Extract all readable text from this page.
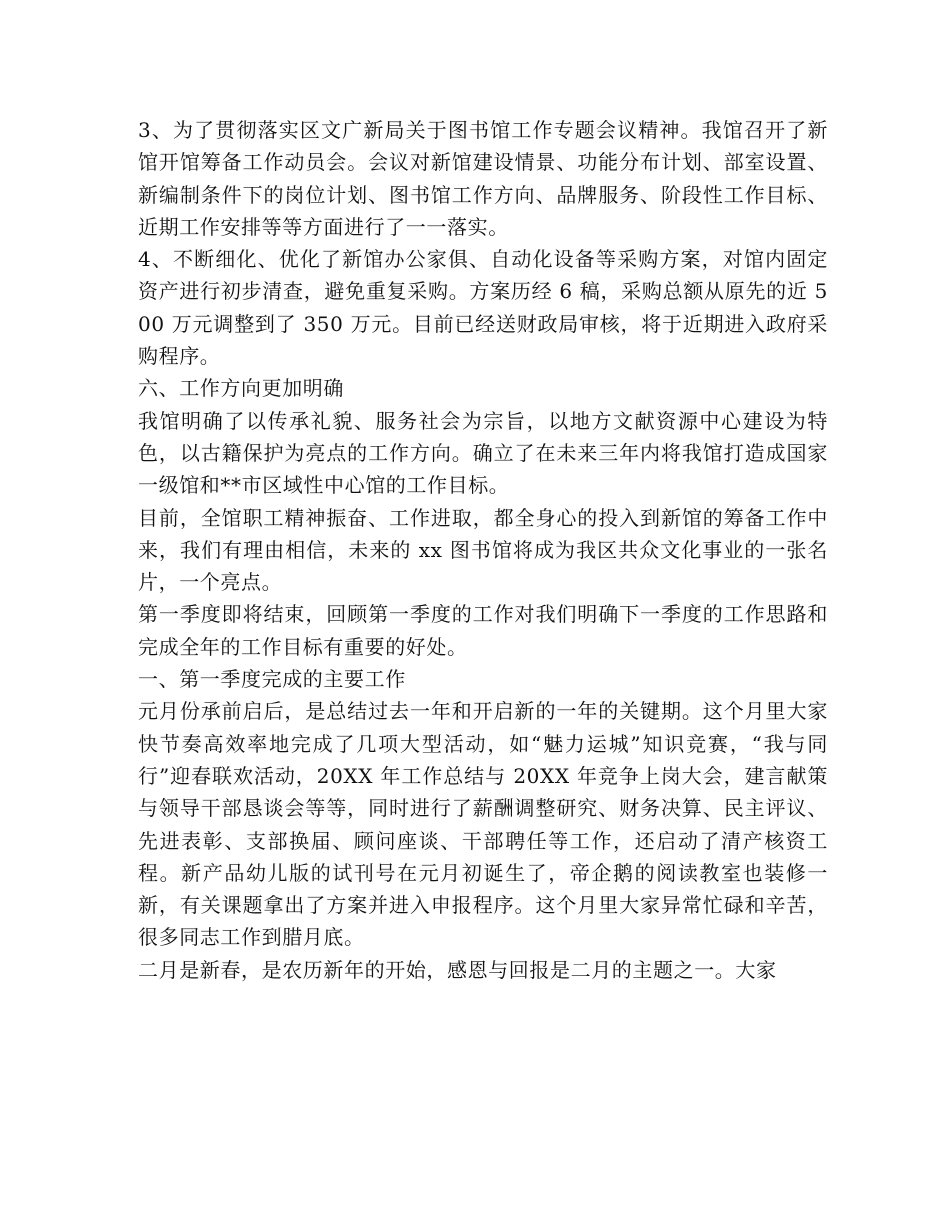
3、为了贯彻落实区文广新局关于图书馆工作专题会议精神。我馆召开了新馆开馆筹备工作动员会。会议对新馆建设情景、功能分布计划、部室设置、新编制条件下的岗位计划、图书馆工作方向、品牌服务、阶段性工作目标、近期工作安排等等方面进行了一一落实。

4、不断细化、优化了新馆办公家俱、自动化设备等采购方案，对馆内固定资产进行初步清查，避免重复采购。方案历经 6 稿，采购总额从原先的近 500 万元调整到了 350 万元。目前已经送财政局审核，将于近期进入政府采购程序。

六、工作方向更加明确

我馆明确了以传承礼貌、服务社会为宗旨，以地方文献资源中心建设为特色，以古籍保护为亮点的工作方向。确立了在未来三年内将我馆打造成国家一级馆和**市区域性中心馆的工作目标。

目前，全馆职工精神振奋、工作进取，都全身心的投入到新馆的筹备工作中来，我们有理由相信，未来的 xx 图书馆将成为我区共众文化事业的一张名片，一个亮点。

第一季度即将结束，回顾第一季度的工作对我们明确下一季度的工作思路和完成全年的工作目标有重要的好处。

一、第一季度完成的主要工作

元月份承前启后，是总结过去一年和开启新的一年的关键期。这个月里大家快节奏高效率地完成了几项大型活动，如“魅力运城”知识竞赛，“我与同行”迎春联欢活动，20XX 年工作总结与 20XX 年竞争上岗大会，建言献策与领导干部恳谈会等等，同时进行了薪酬调整研究、财务决算、民主评议、先进表彰、支部换届、顾问座谈、干部聘任等工作，还启动了清产核资工程。新产品幼儿版的试刊号在元月初诞生了，帝企鹅的阅读教室也装修一新，有关课题拿出了方案并进入申报程序。这个月里大家异常忙碌和辛苦，很多同志工作到腊月底。

二月是新春，是农历新年的开始，感恩与回报是二月的主题之一。大家
